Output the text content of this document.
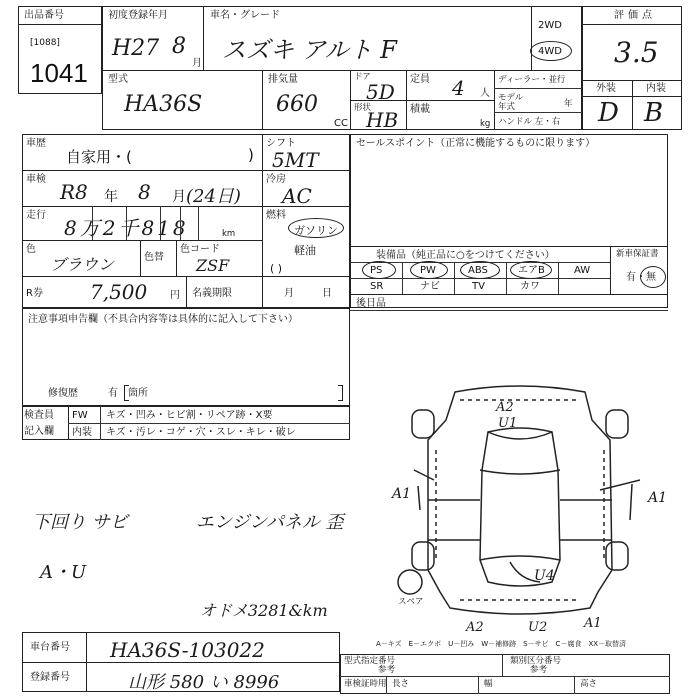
出品番号
[1088]
1041
初度登録年月	車名・グレード
H27 8
月 スズキ アルト F
2WD
4WD
評価点
3.5
外装	内装
D B
型式
HA36S
排気量
660
CC
ドア
5D
形状
HB
定員 4 人
積載
kg
ディーラー・並行
モデル年式	年
ハンドル 左・右
車歴
自家用・(	)
シフト
5MT
車検
R8 年 8 月 (24日)
冷房
AC
走行
8万2千818	km
燃料
ガソリン
軽油
( )
色
ブラウン	色替
色コード
ZSF
R券 7,500 円 名義期限	月	日
注意事項申告欄（不具合内容等は具体的に記入して下さい）
修復歴	有 箇所
検査員
記入欄
FW キズ・凹み・ヒビ割・リペア跡・X要
内装 キズ・汚レ・コゲ・穴・スレ・キレ・破レ
下回り サビ	エンジンパネル 歪
A・U
オドメ3281&km
セールスポイント（正常に機能するものに限ります）
装備品（純正品に○をつけてください）	新車保証書
有・無
PS	PW	ABS	エアB	AW
SR	ナビ	TV	カワ
後日品
A2
U1
A1	A1
U4
A2	U2	A1
スペア
A－キズ　E－エクボ　U－凹み　W－補修跡　S－サビ　C－腐食　XX－取替済
車台番号 HA36S-103022
登録番号	山形 580 い 8996
型式指定番号
参考
類別区分番号
参考
車検証時用 長さ	幅	高さ
